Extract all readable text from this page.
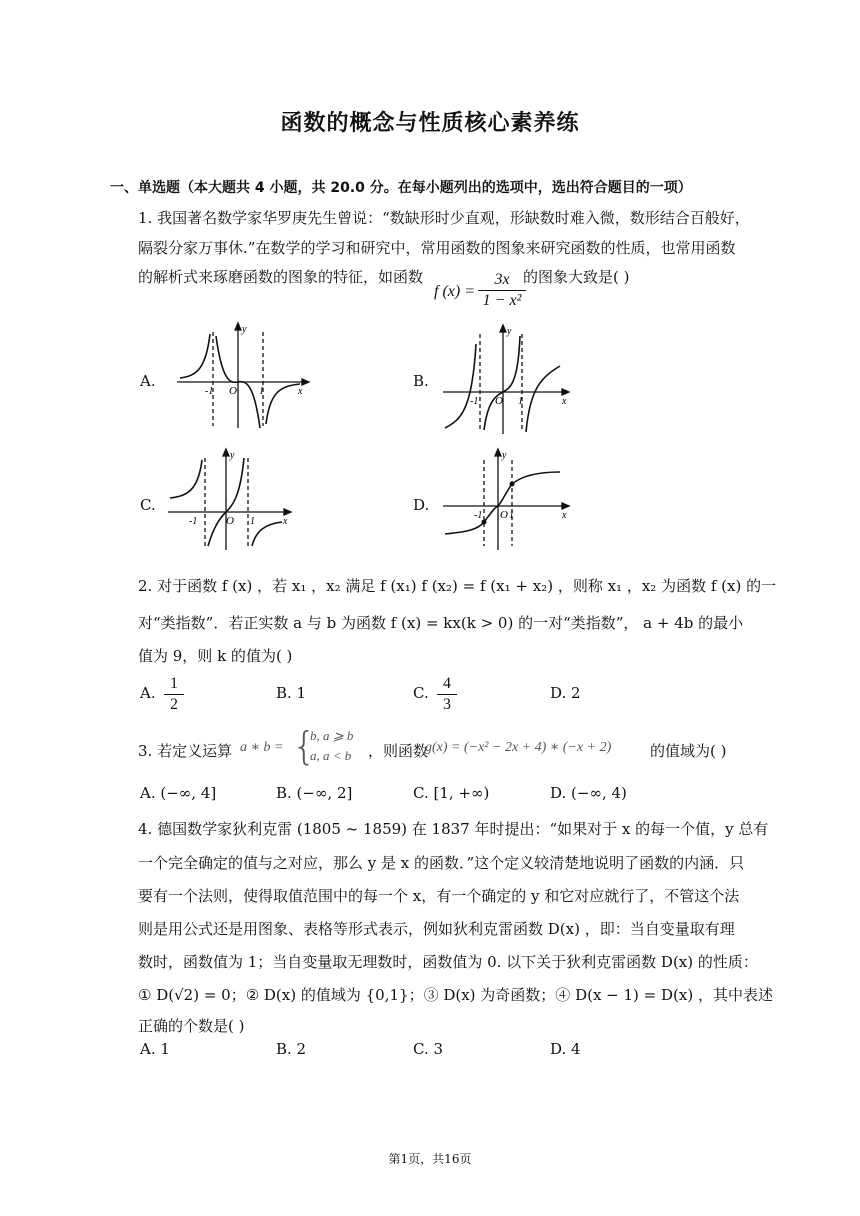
函数的概念与性质核心素养练
一、单选题（本大题共 4 小题，共 20.0 分。在每小题列出的选项中，选出符合题目的一项）
1. 我国著名数学家华罗庚先生曾说：“数缺形时少直观，形缺数时难入微，数形结合百般好，
隔裂分家万事休.”在数学的学习和研究中，常用函数的图象来研究函数的性质，也常用函数
的解析式来琢磨函数的图象的特征，如函数	的图象大致是( )
f (x) =
3x
1 − x²
A.	B.
C.	D.
y
x
O
-1	1
y
x
O
-1	1
y
x
O
-1	1
y
x
O
-1	1
2. 对于函数 f (x) ，若 x₁ ，x₂ 满足 f (x₁) f (x₂) = f (x₁ + x₂) ，则称 x₁ ，x₂ 为函数 f (x) 的一
对“类指数”．若正实数 a 与 b 为函数 f (x) = kx(k > 0) 的一对“类指数”， a + 4b 的最小
值为 9，则 k 的值为( )
A.
1
2
B. 1	C.
4
3
D. 2
3. 若定义运算 a ∗ b = {
b, a ⩾ b
a, a < b ，则函数
g(x) = (−x² − 2x + 4) ∗ (−x + 2)	的值域为( )
A. (−∞, 4]	B. (−∞, 2]	C. [1, +∞)	D. (−∞, 4)
4. 德国数学家狄利克雷 (1805 ~ 1859) 在 1837 年时提出：“如果对于 x 的每一个值，y 总有
一个完全确定的值与之对应，那么 y 是 x 的函数．”这个定义较清楚地说明了函数的内涵．只
要有一个法则，使得取值范围中的每一个 x，有一个确定的 y 和它对应就行了，不管这个法
则是用公式还是用图象、表格等形式表示，例如狄利克雷函数 D(x) ，即：当自变量取有理
数时，函数值为 1；当自变量取无理数时，函数值为 0. 以下关于狄利克雷函数 D(x) 的性质：
① D(√2) = 0；② D(x) 的值域为 {0,1}；③ D(x) 为奇函数；④ D(x − 1) = D(x) ，其中表述
正确的个数是( )
A. 1	B. 2	C. 3	D. 4
第1页，共16页
